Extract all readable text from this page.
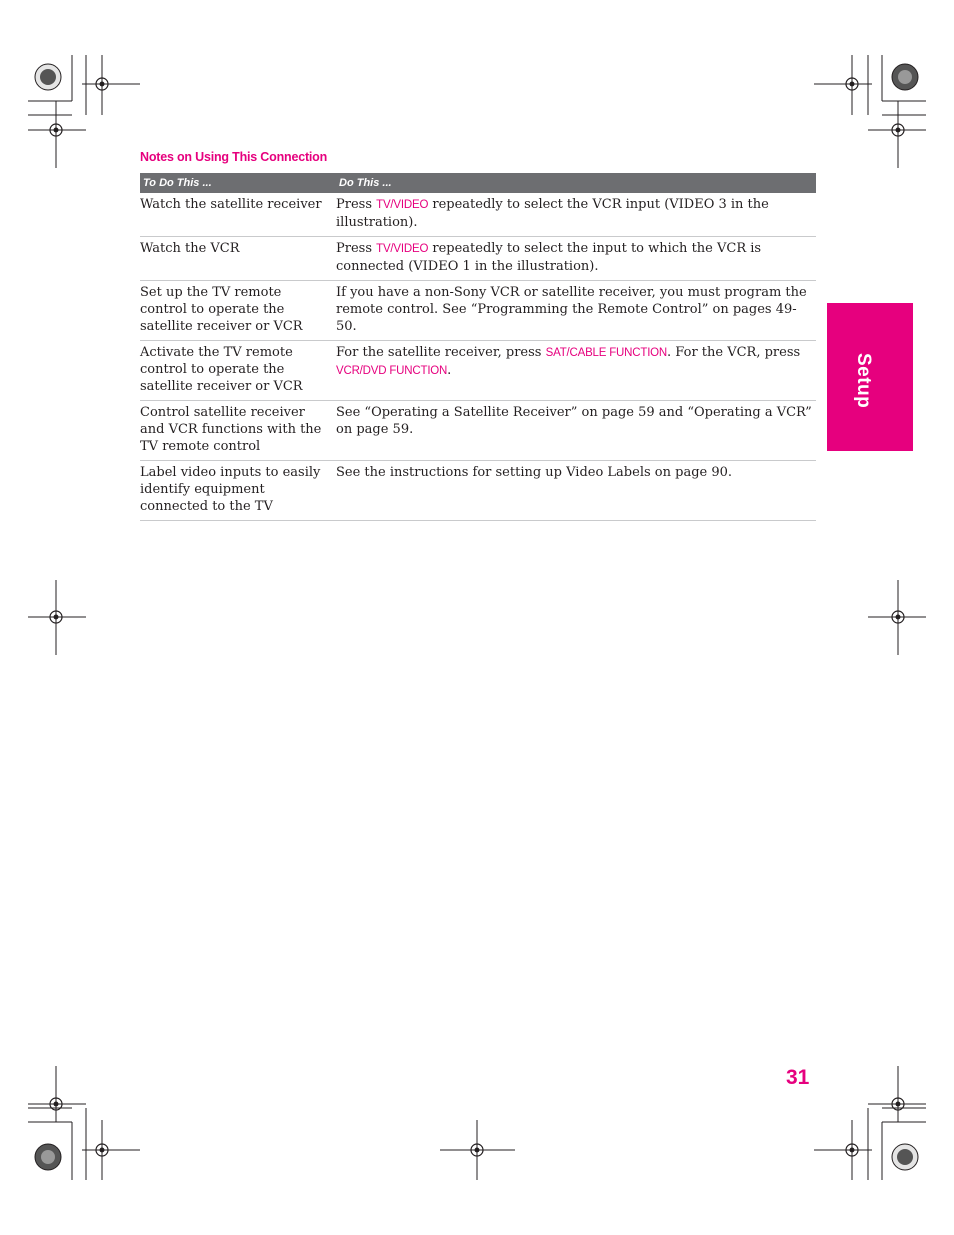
Notes on Using This Connection
To Do This ...	Do This ...
Watch the satellite receiver	Press TV/VIDEO repeatedly to select the VCR input (VIDEO 3 in the illustration).
Watch the VCR	Press TV/VIDEO repeatedly to select the input to which the VCR is connected (VIDEO 1 in the illustration).
Set up the TV remote control to operate the satellite receiver or VCR	If you have a non-Sony VCR or satellite receiver, you must program the remote control. See “Programming the Remote Control” on pages 49-50.
Activate the TV remote control to operate the satellite receiver or VCR	For the satellite receiver, press SAT/CABLE FUNCTION. For the VCR, press VCR/DVD FUNCTION.
Control satellite receiver and VCR functions with the TV remote control	See “Operating a Satellite Receiver” on page 59 and “Operating a VCR” on page 59.
Label video inputs to easily identify equipment connected to the TV	See the instructions for setting up Video Labels on page 90.
Setup
31
